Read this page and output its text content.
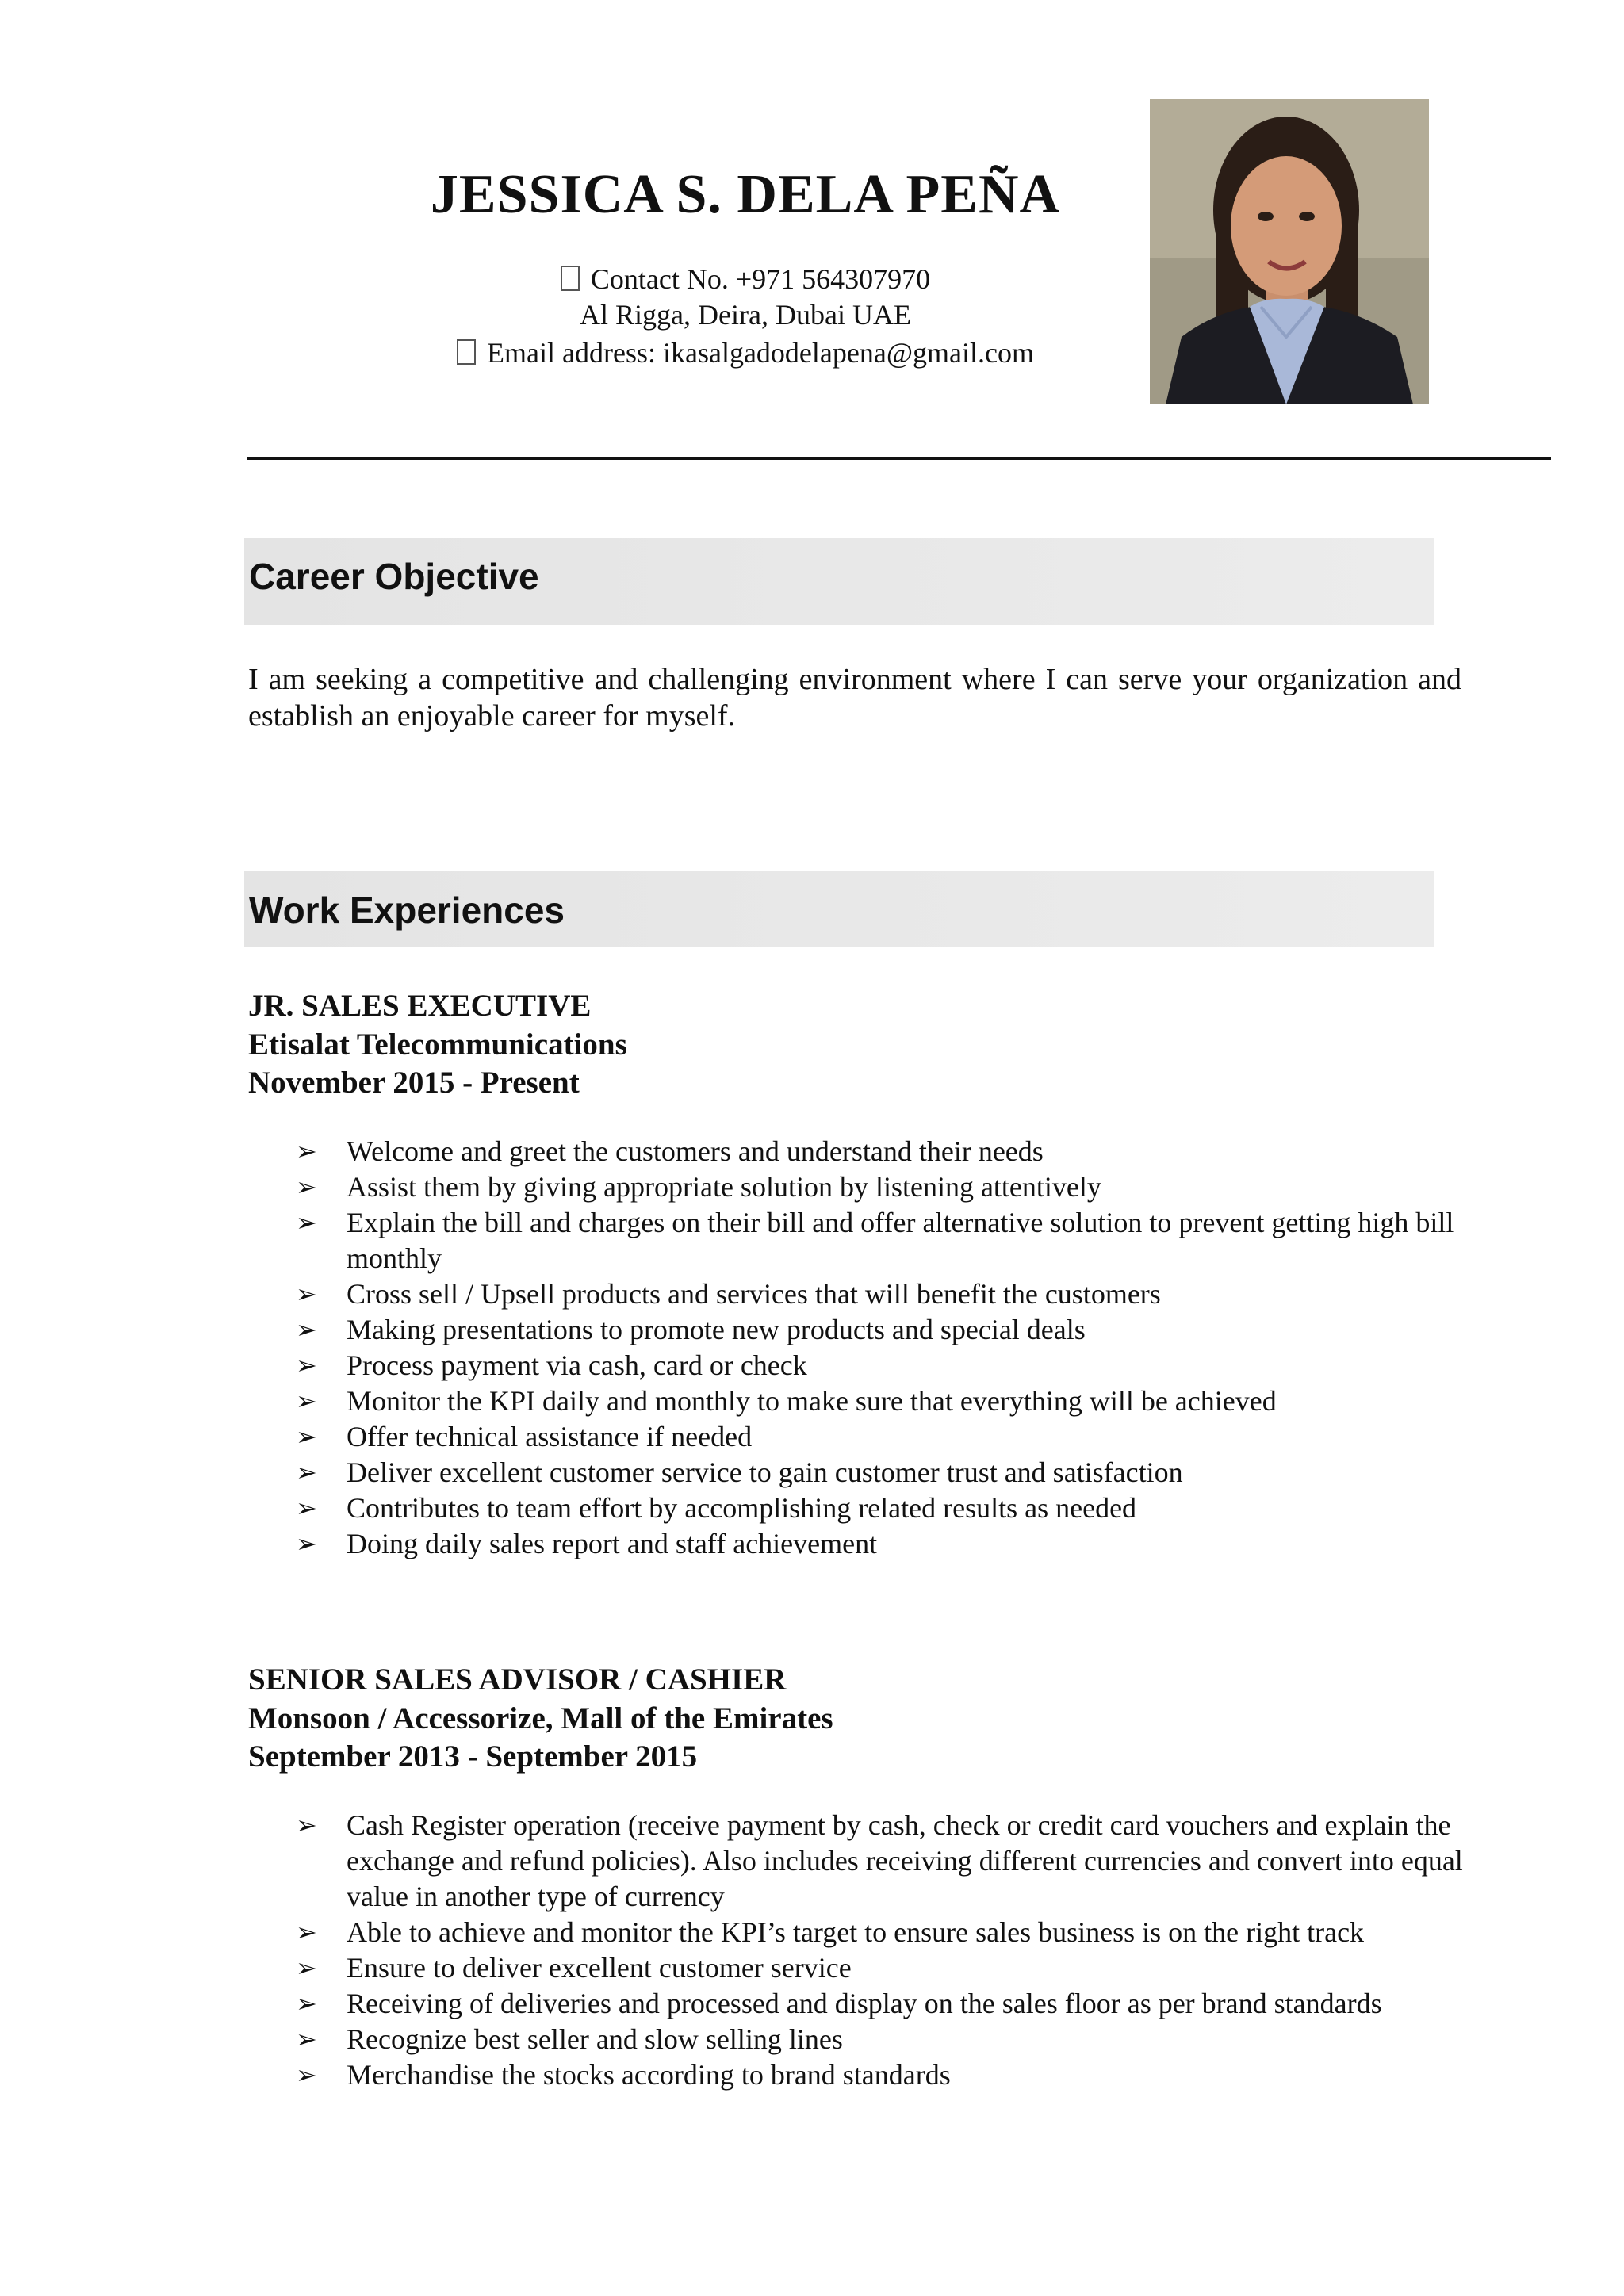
JESSICA S. DELA PEÑA
Contact No. +971 564307970
Al Rigga, Deira, Dubai UAE
Email address: ikasalgadodelapena@gmail.com
Career Objective
I am seeking a competitive and challenging environment where I can serve your organization and establish an enjoyable career for myself.
Work Experiences
JR. SALES EXECUTIVE
Etisalat Telecommunications
November 2015 - Present
➢ Welcome and greet the customers and understand their needs
➢ Assist them by giving appropriate solution by listening attentively
➢ Explain the bill and charges on their bill and offer alternative solution to prevent getting high bill monthly
➢ Cross sell / Upsell products and services that will benefit the customers
➢ Making presentations to promote new products and special deals
➢ Process payment via cash, card or check
➢ Monitor the KPI daily and monthly to make sure that everything will be achieved
➢ Offer technical assistance if needed
➢ Deliver excellent customer service to gain customer trust and satisfaction
➢ Contributes to team effort by accomplishing related results as needed
➢ Doing daily sales report and staff achievement
SENIOR SALES ADVISOR / CASHIER
Monsoon / Accessorize, Mall of the Emirates
September 2013 - September 2015
➢ Cash Register operation (receive payment by cash, check or credit card vouchers and explain the exchange and refund policies). Also includes receiving different currencies and convert into equal value in another type of currency
➢ Able to achieve and monitor the KPI’s target to ensure sales business is on the right track
➢ Ensure to deliver excellent customer service
➢ Receiving of deliveries and processed and display on the sales floor as per brand standards
➢ Recognize best seller and slow selling lines
➢ Merchandise the stocks according to brand standards
